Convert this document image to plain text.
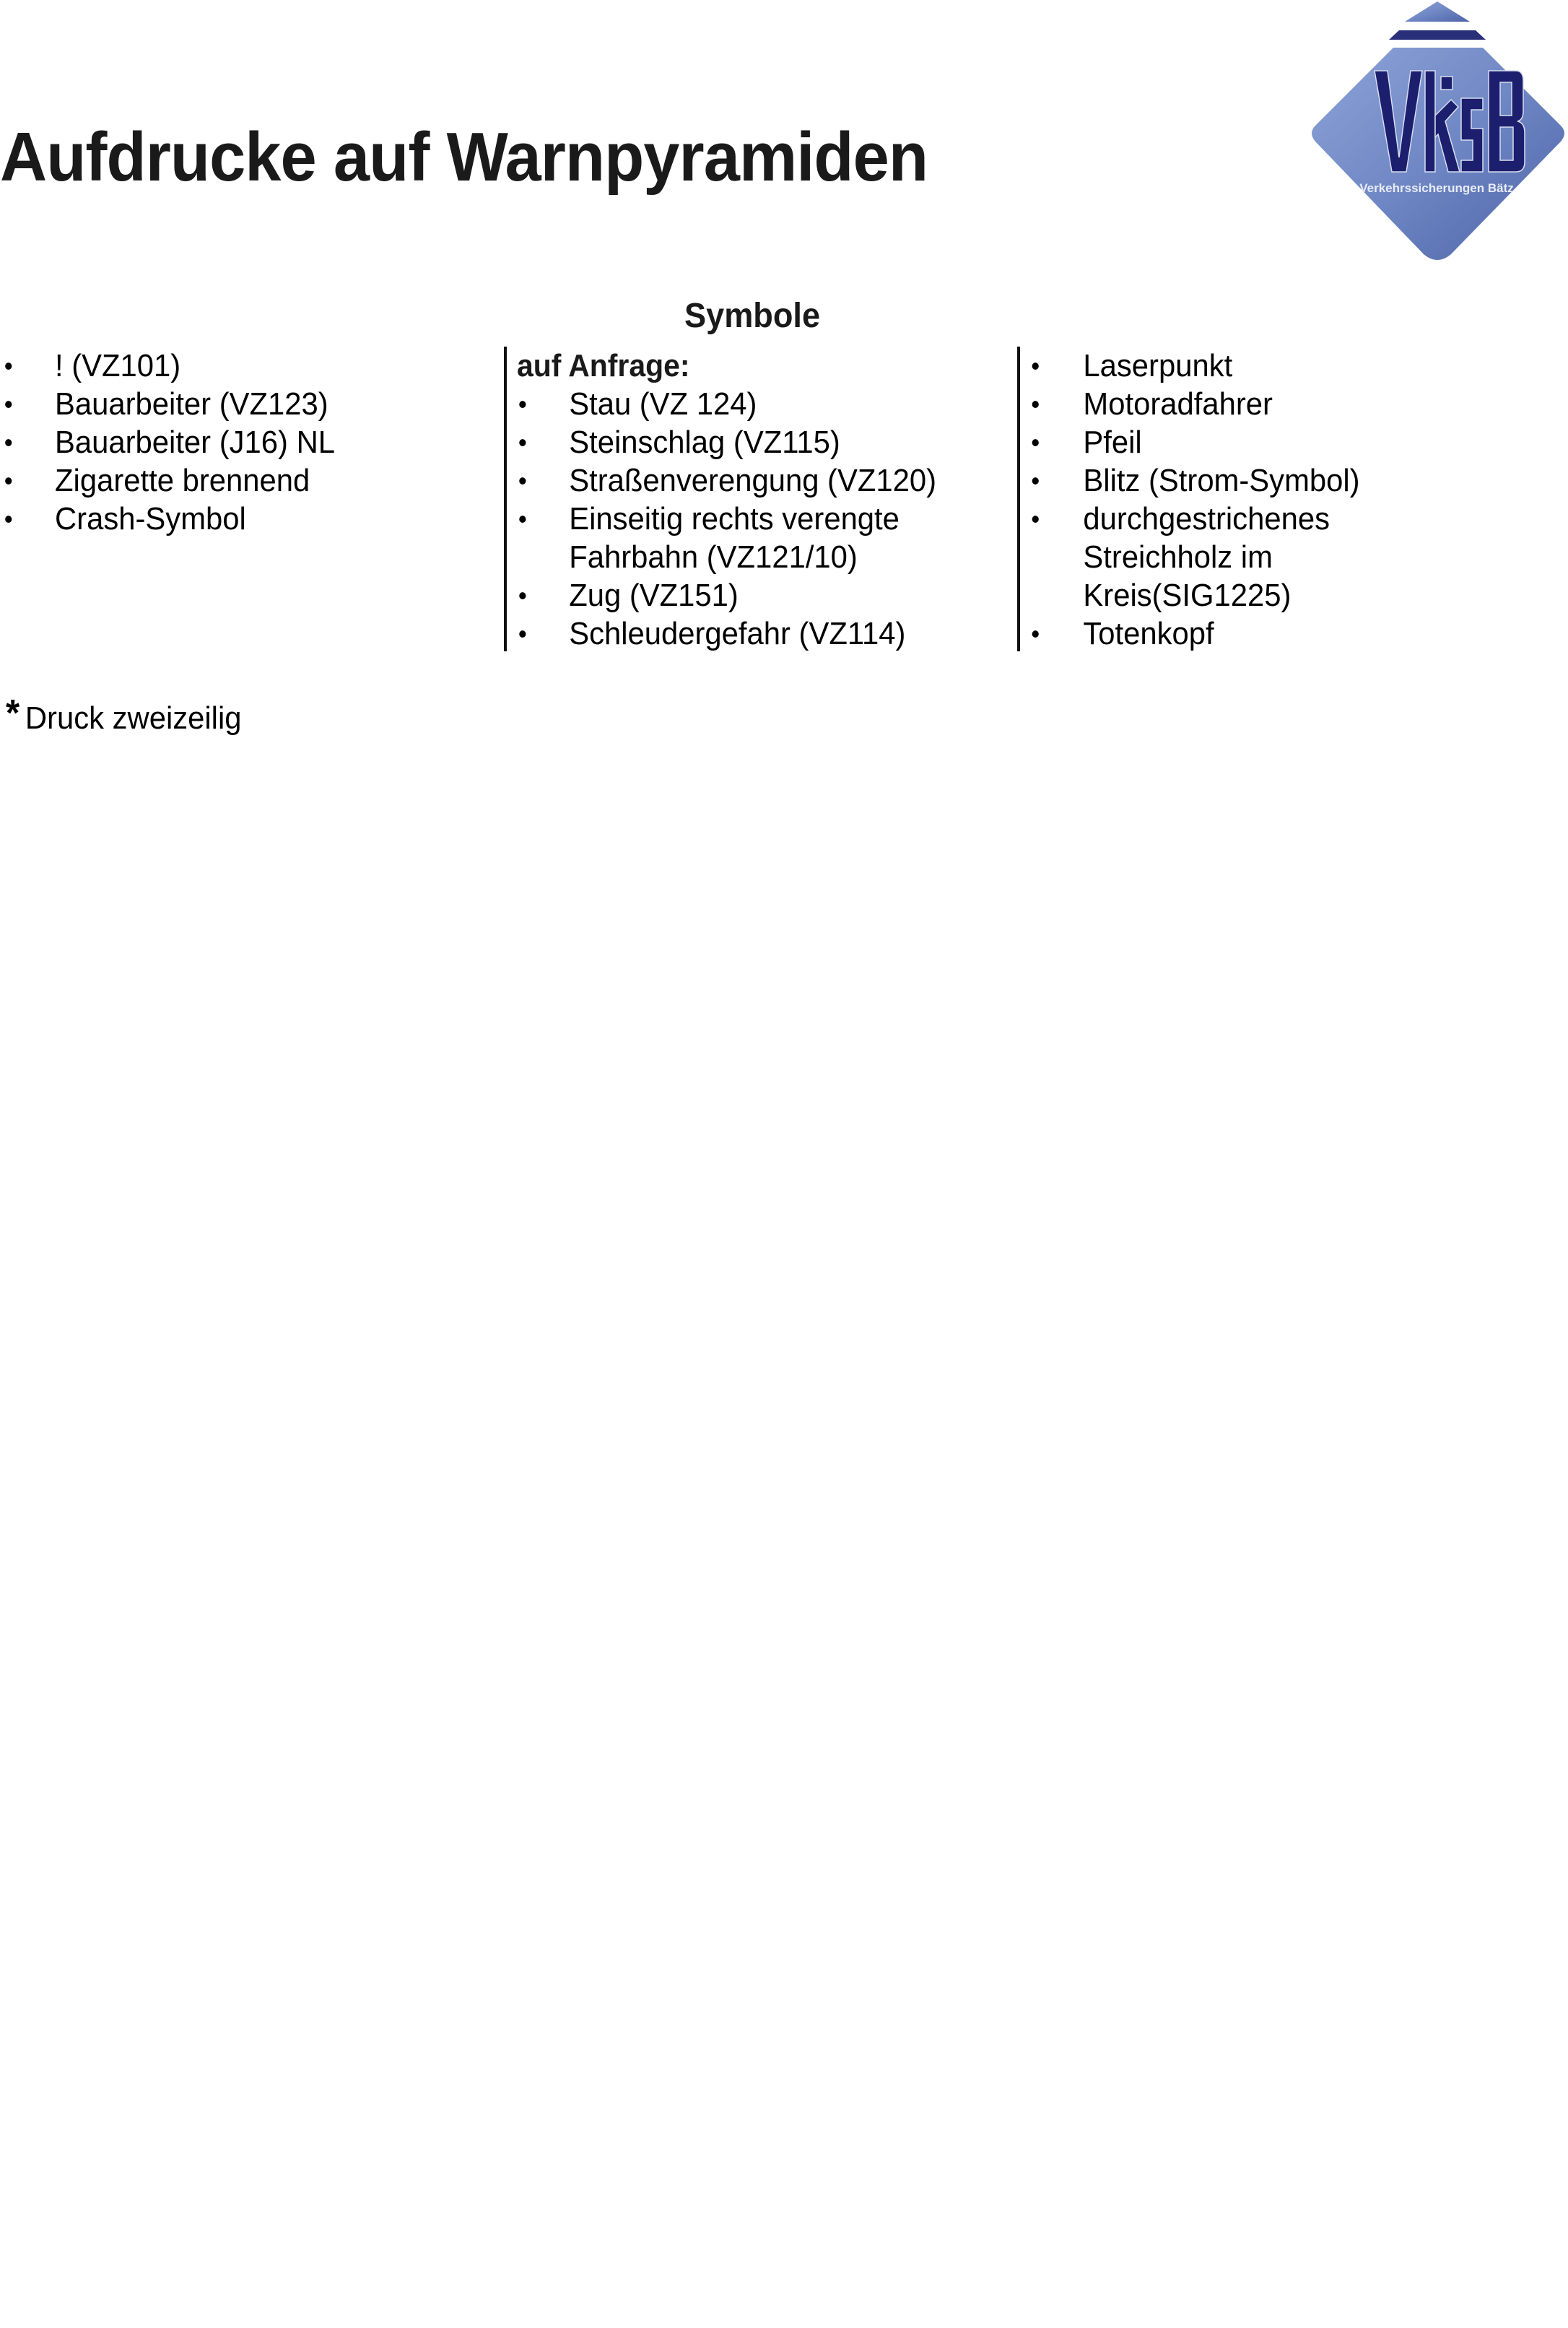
Aufdrucke auf Warnpyramiden	Verkehrssicherungen Bätz
Symbole
• ! (VZ101)
• Bauarbeiter (VZ123)
• Bauarbeiter (J16) NL
• Zigarette brennend
• Crash-Symbol
auf Anfrage:
• Stau (VZ 124)
• Steinschlag (VZ115)
• Straßenverengung (VZ120)
• Einseitig rechts verengte
Fahrbahn (VZ121/10)
• Zug (VZ151)
• Schleudergefahr (VZ114)
• Laserpunkt
• Motoradfahrer
• Pfeil
• Blitz (Strom-Symbol)
• durchgestrichenes
Streichholz im
Kreis(SIG1225)
• Totenkopf
* Druck zweizeilig
